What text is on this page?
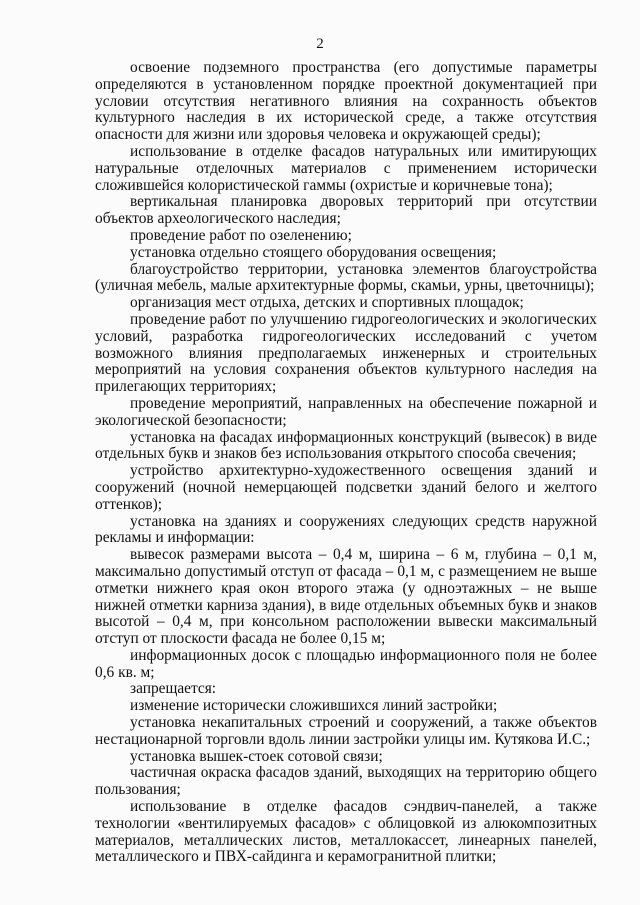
2

освоение подземного пространства (его допустимые параметры определяются в установленном порядке проектной документацией при условии отсутствия негативного влияния на сохранность объектов культурного наследия в их исторической среде, а также отсутствия опасности для жизни или здоровья человека и окружающей среды);

использование в отделке фасадов натуральных или имитирующих натуральные отделочных материалов с применением исторически сложившейся колористической гаммы (охристые и коричневые тона);

вертикальная планировка дворовых территорий при отсутствии объектов археологического наследия;

проведение работ по озеленению;

установка отдельно стоящего оборудования освещения;

благоустройство территории, установка элементов благоустройства (уличная мебель, малые архитектурные формы, скамьи, урны, цветочницы);

организация мест отдыха, детских и спортивных площадок;

проведение работ по улучшению гидрогеологических и экологических условий, разработка гидрогеологических исследований с учетом возможного влияния предполагаемых инженерных и строительных мероприятий на условия сохранения объектов культурного наследия на прилегающих территориях;

проведение мероприятий, направленных на обеспечение пожарной и экологической безопасности;

установка на фасадах информационных конструкций (вывесок) в виде отдельных букв и знаков без использования открытого способа свечения;

устройство архитектурно-художественного освещения зданий и сооружений (ночной немерцающей подсветки зданий белого и желтого оттенков);

установка на зданиях и сооружениях следующих средств наружной рекламы и информации:

вывесок размерами высота – 0,4 м, ширина – 6 м, глубина – 0,1 м, максимально допустимый отступ от фасада – 0,1 м, с размещением не выше отметки нижнего края окон второго этажа (у одноэтажных – не выше нижней отметки карниза здания), в виде отдельных объемных букв и знаков высотой – 0,4 м, при консольном расположении вывески максимальный отступ от плоскости фасада не более 0,15 м;

информационных досок с площадью информационного поля не более 0,6 кв. м;

запрещается:

изменение исторически сложившихся линий застройки;

установка некапитальных строений и сооружений, а также объектов нестационарной торговли вдоль линии застройки улицы им. Кутякова И.С.;

установка вышек-стоек сотовой связи;

частичная окраска фасадов зданий, выходящих на территорию общего пользования;

использование в отделке фасадов сэндвич-панелей, а также технологии «вентилируемых фасадов» с облицовкой из алюкомпозитных материалов, металлических листов, металлокассет, линеарных панелей, металлического и ПВХ-сайдинга и керамогранитной плитки;
